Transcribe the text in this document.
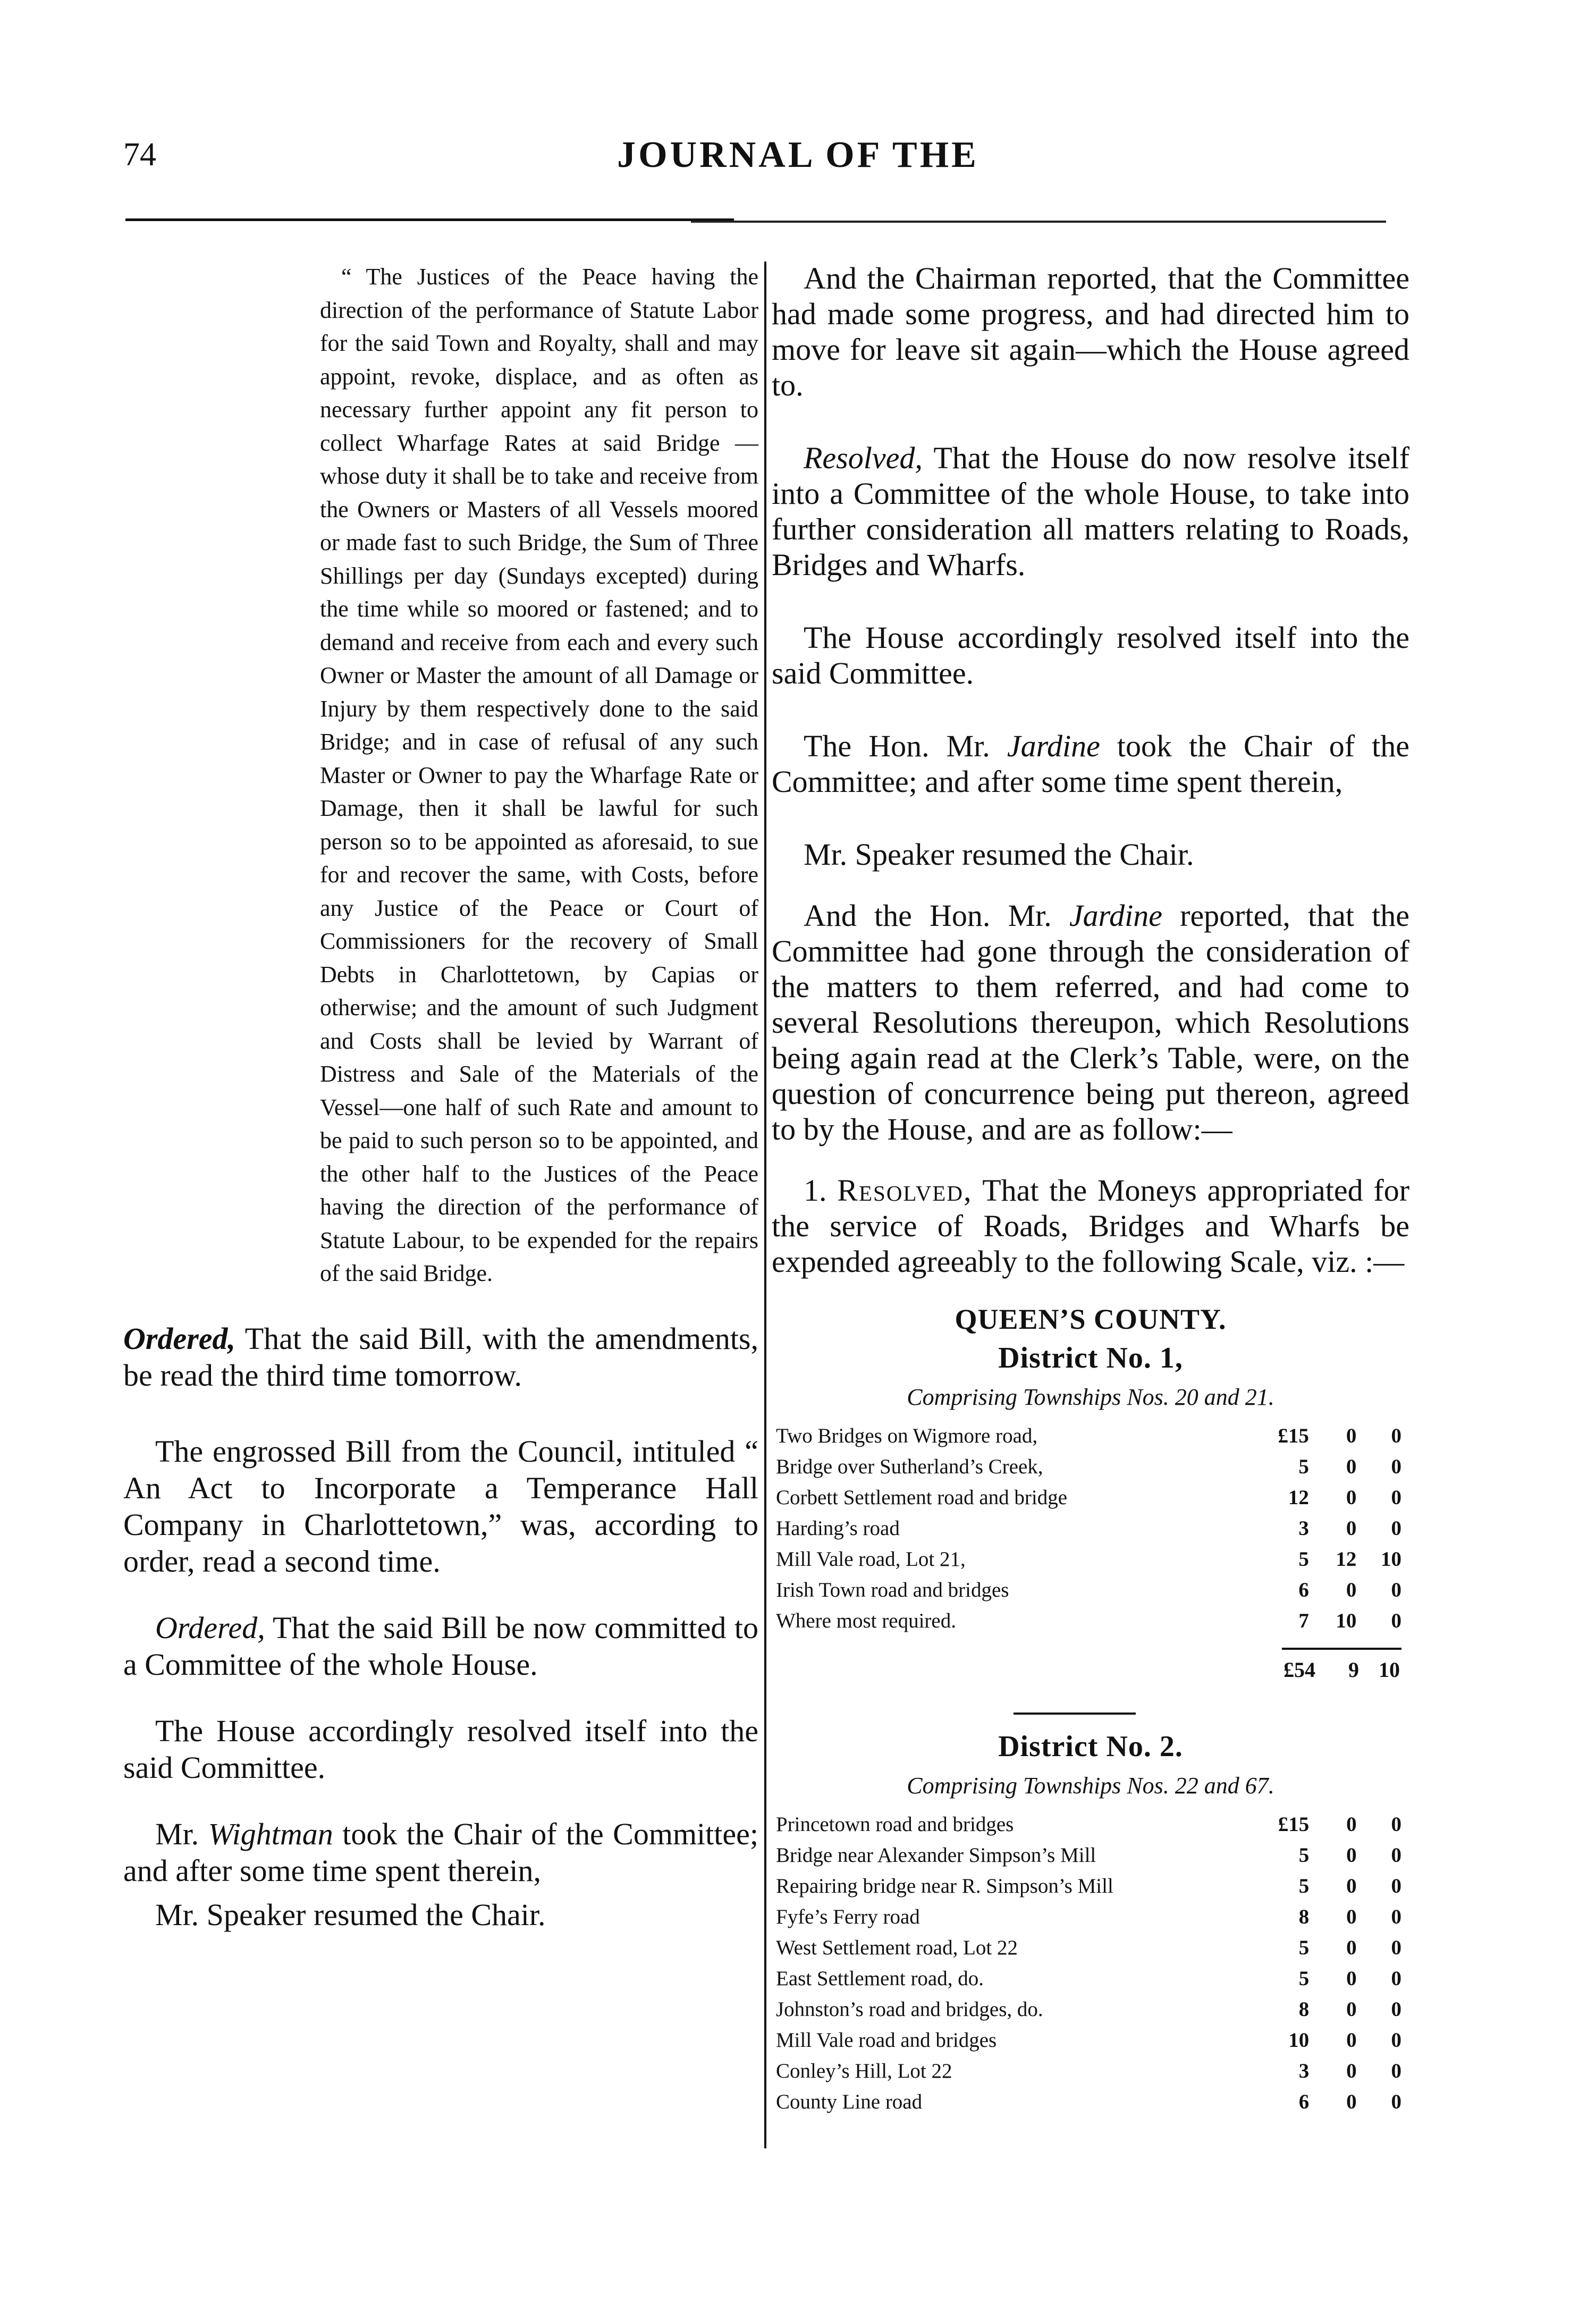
74	JOURNAL OF THE
“ The Justices of the Peace having the direction of the performance of Statute Labor for the said Town and Royalty, shall and may appoint, revoke, displace, and as often as necessary further appoint any fit person to collect Wharfage Rates at said Bridge —whose duty it shall be to take and receive from the Owners or Masters of all Vessels moored or made fast to such Bridge, the Sum of Three Shillings per day (Sundays excepted) during the time while so moored or fastened; and to demand and receive from each and every such Owner or Master the amount of all Damage or Injury by them respectively done to the said Bridge; and in case of refusal of any such Master or Owner to pay the Wharfage Rate or Damage, then it shall be lawful for such person so to be appointed as aforesaid, to sue for and recover the same, with Costs, before any Justice of the Peace or Court of Commissioners for the recovery of Small Debts in Charlottetown, by Capias or otherwise; and the amount of such Judgment and Costs shall be levied by Warrant of Distress and Sale of the Materials of the Vessel—one half of such Rate and amount to be paid to such person so to be appointed, and the other half to the Justices of the Peace having the direction of the performance of Statute Labour, to be expended for the repairs of the said Bridge.

Ordered, That the said Bill, with the amendments, be read the third time tomorrow.

The engrossed Bill from the Council, intituled “ An Act to Incorporate a Temperance Hall Company in Charlottetown,” was, according to order, read a second time.

Ordered, That the said Bill be now committed to a Committee of the whole House.

The House accordingly resolved itself into the said Committee.

Mr. Wightman took the Chair of the Committee; and after some time spent therein,

Mr. Speaker resumed the Chair.

And the Chairman reported, that the Committee had made some progress, and had directed him to move for leave sit again—which the House agreed to.

Resolved, That the House do now resolve itself into a Committee of the whole House, to take into further consideration all matters relating to Roads, Bridges and Wharfs.

The House accordingly resolved itself into the said Committee.

The Hon. Mr. Jardine took the Chair of the Committee; and after some time spent therein,

Mr. Speaker resumed the Chair.

And the Hon. Mr. Jardine reported, that the Committee had gone through the consideration of the matters to them referred, and had come to several Resolutions thereupon, which Resolutions being again read at the Clerk’s Table, were, on the question of concurrence being put thereon, agreed to by the House, and are as follow:—

1. Resolved, That the Moneys appropriated for the service of Roads, Bridges and Wharfs be expended agreeably to the following Scale, viz. :—

QUEEN’S COUNTY.
District No. 1,
Comprising Townships Nos. 20 and 21.
Two Bridges on Wigmore road,	£15	0	0
Bridge over Sutherland’s Creek,	5	0	0
Corbett Settlement road and bridge	12	0	0
Harding’s road	3	0	0
Mill Vale road, Lot 21,	5	12	10
Irish Town road and bridges	6	0	0
Where most required.	7	10	0
£54 9 10
District No. 2.
Comprising Townships Nos. 22 and 67.
Princetown road and bridges	£15	0	0
Bridge near Alexander Simpson’s Mill	5	0	0
Repairing bridge near R. Simpson’s Mill	5	0	0
Fyfe’s Ferry road	8	0	0
West Settlement road, Lot 22	5	0	0
East Settlement road, do.	5	0	0
Johnston’s road and bridges, do.	8	0	0
Mill Vale road and bridges	10	0	0
Conley’s Hill, Lot 22	3	0	0
County Line road	6	0	0
